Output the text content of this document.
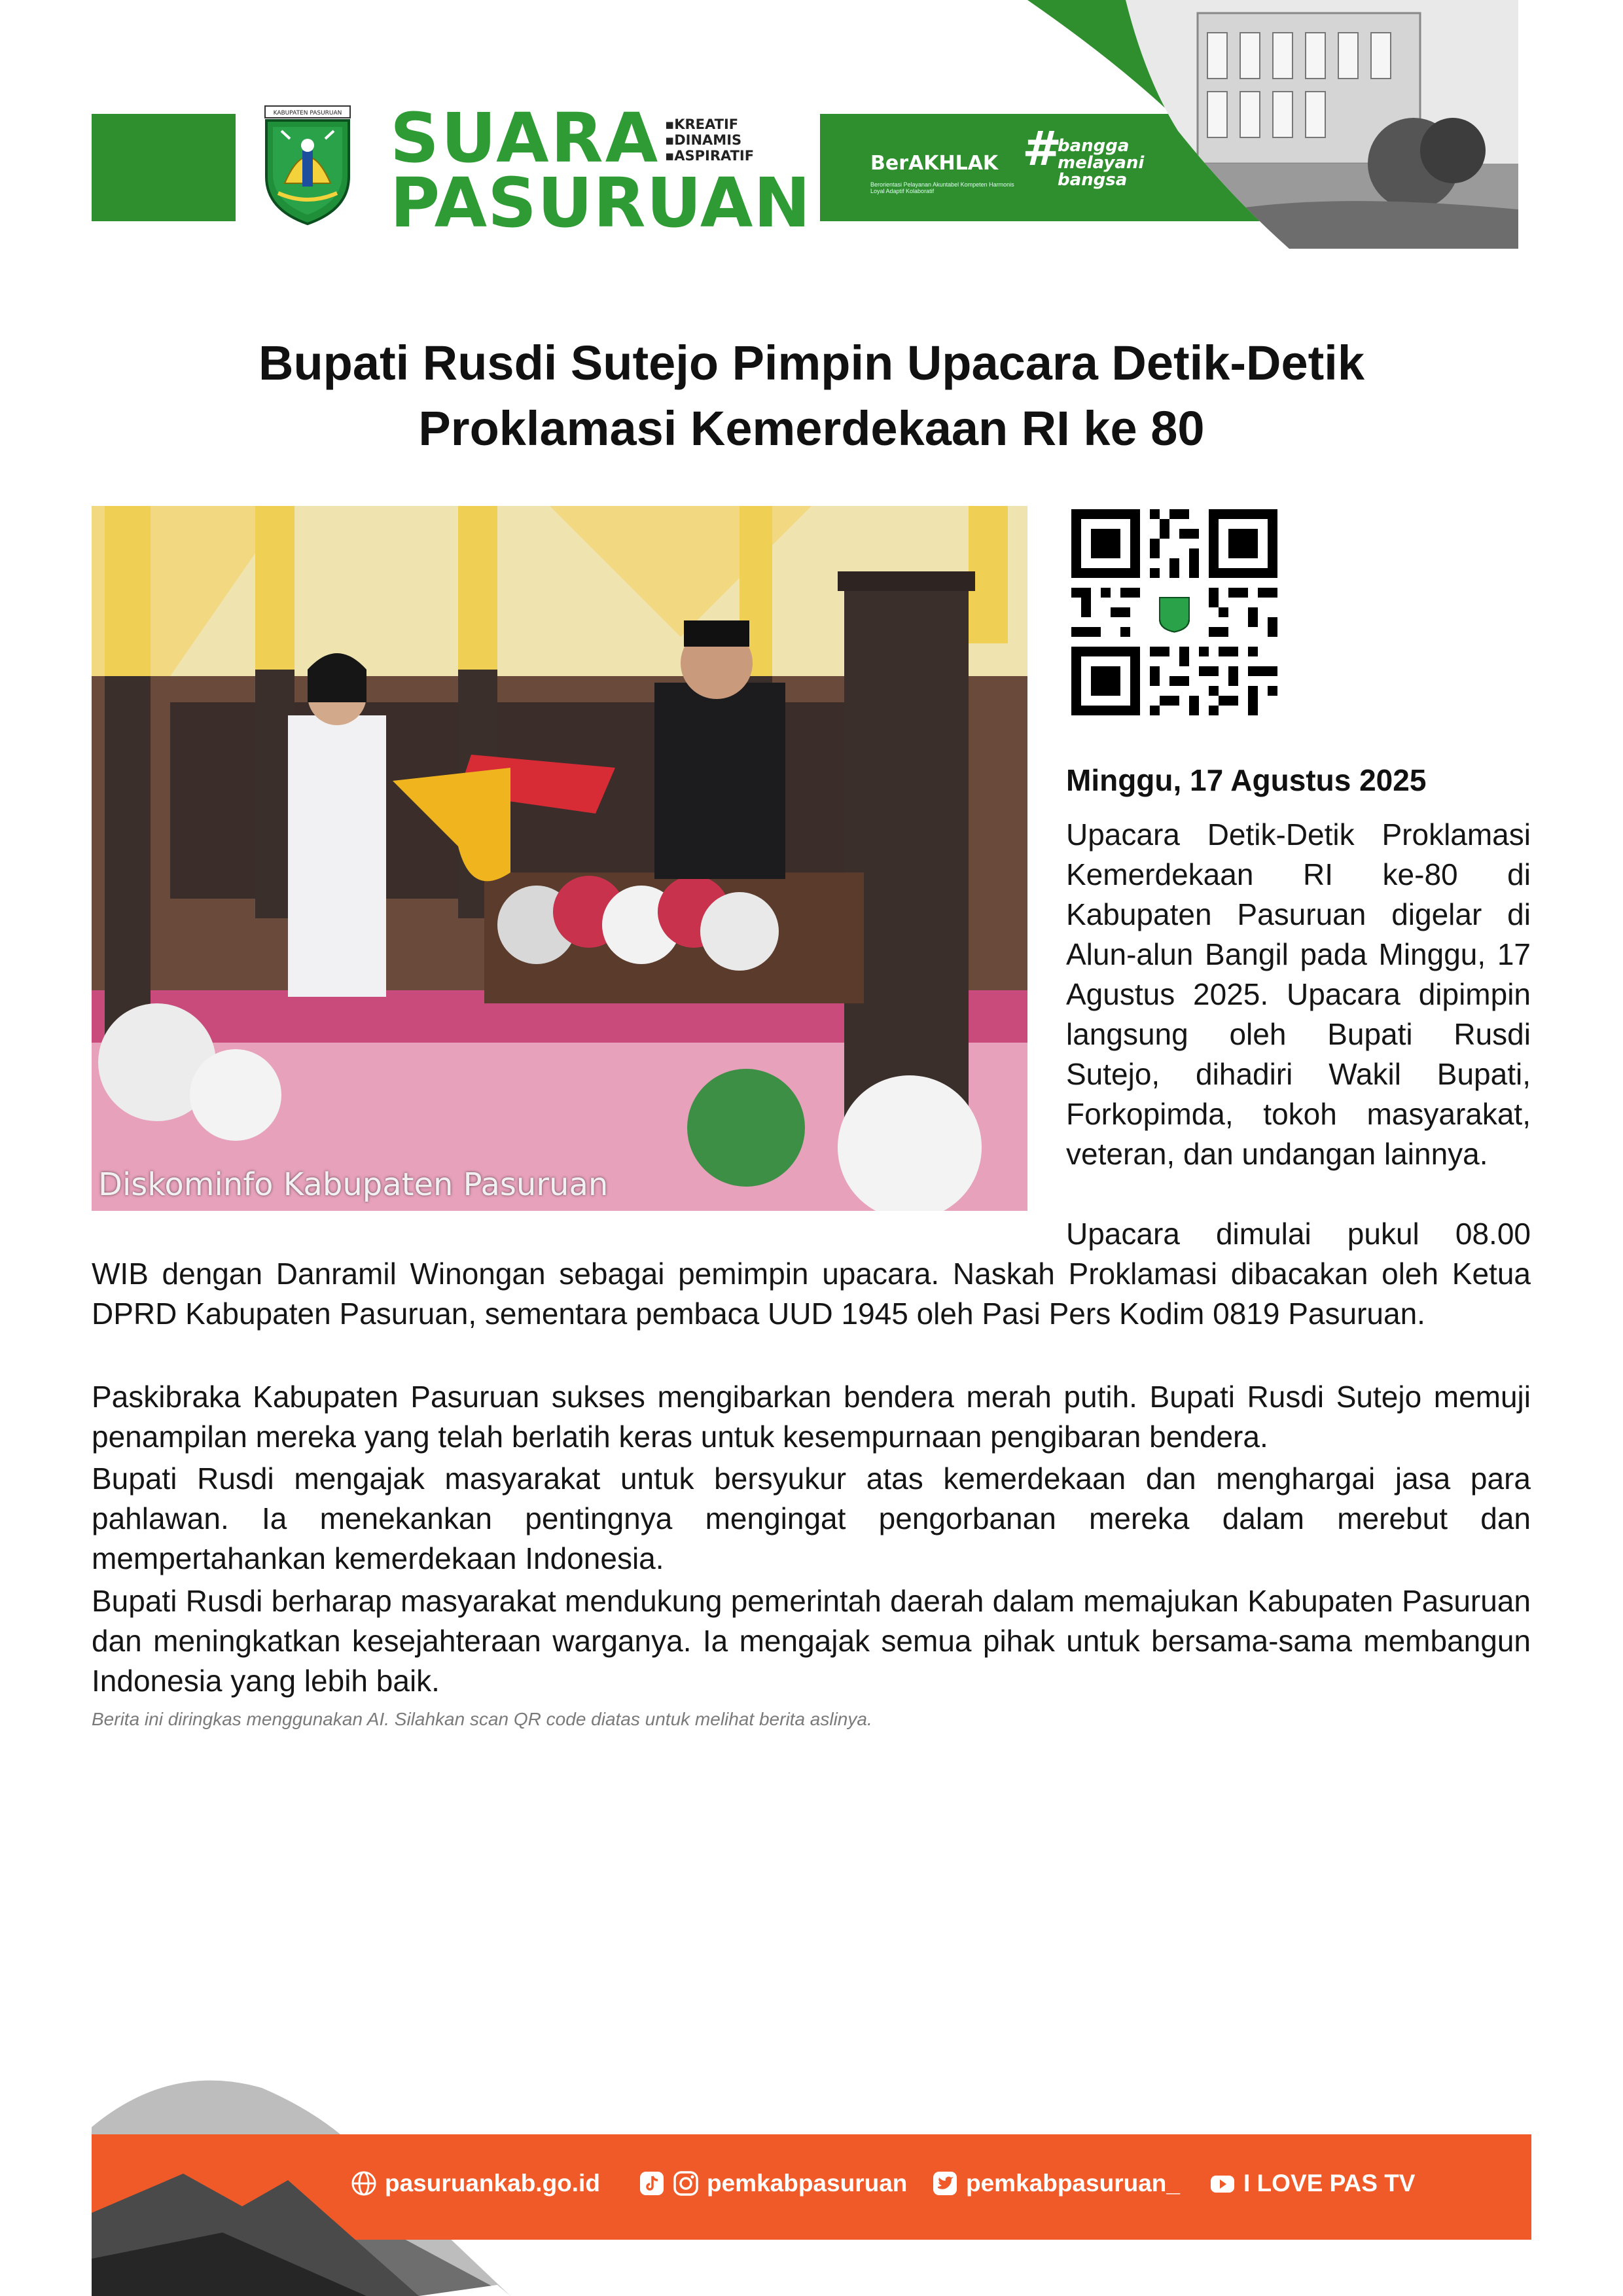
KABUPATEN PASURUAN SUARA
PASURUAN
▪ KREATIF
▪ DINAMIS
▪ ASPIRATIF	BerAKHLAK
Berorientasi Pelayanan Akuntabel Kompeten Harmonis Loyal Adaptif Kolaboratif
#
bangga
melayani
bangsa
Bupati Rusdi Sutejo Pimpin Upacara Detik-Detik
Proklamasi Kemerdekaan RI ke 80
Diskominfo Kabupaten Pasuruan
Minggu, 17 Agustus 2025
Upacara Detik-Detik Proklamasi Kemerdekaan RI ke-80 di Kabupaten Pasuruan digelar di Alun-alun Bangil pada Minggu, 17 Agustus 2025. Upacara dipimpin langsung oleh Bupati Rusdi Sutejo, dihadiri Wakil Bupati, Forkopimda, tokoh masyarakat, veteran, dan undangan lainnya.
Upacara dimulai pukul 08.00
WIB dengan Danramil Winongan sebagai pemimpin upacara. Naskah Proklamasi dibacakan oleh Ketua DPRD Kabupaten Pasuruan, sementara pembaca UUD 1945 oleh Pasi Pers Kodim 0819 Pasuruan.
Paskibraka Kabupaten Pasuruan sukses mengibarkan bendera merah putih. Bupati Rusdi Sutejo memuji penampilan mereka yang telah berlatih keras untuk kesempurnaan pengibaran bendera.
Bupati Rusdi mengajak masyarakat untuk bersyukur atas kemerdekaan dan menghargai jasa para pahlawan. Ia menekankan pentingnya mengingat pengorbanan mereka dalam merebut dan mempertahankan kemerdekaan Indonesia.
Bupati Rusdi berharap masyarakat mendukung pemerintah daerah dalam memajukan Kabupaten Pasuruan dan meningkatkan kesejahteraan warganya. Ia mengajak semua pihak untuk bersama-sama membangun Indonesia yang lebih baik.
Berita ini diringkas menggunakan AI. Silahkan scan QR code diatas untuk melihat berita aslinya.
pasuruankab.go.id	pemkabpasuruan pemkabpasuruan_	I LOVE PAS TV
